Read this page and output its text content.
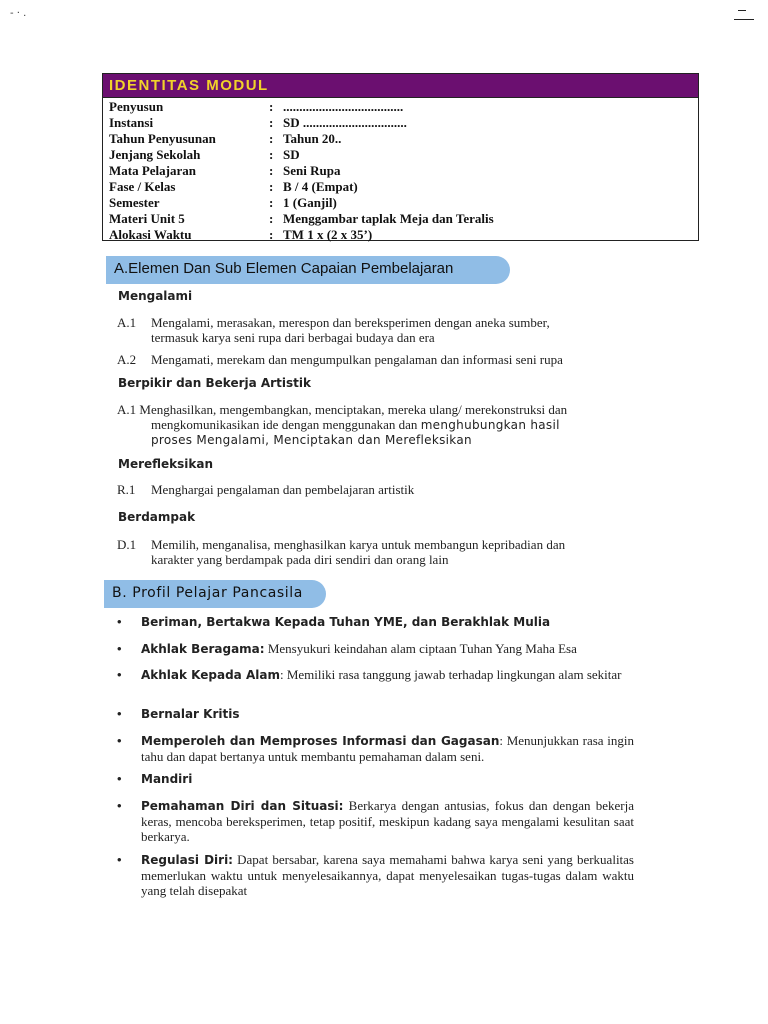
- · .
IDENTITAS MODUL
Penyusun	: .....................................
Instansi	: SD ................................
Tahun Penyusunan	: Tahun 20..
Jenjang Sekolah	: SD
Mata Pelajaran	: Seni Rupa
Fase / Kelas	: B / 4 (Empat)
Semester	: 1 (Ganjil)
Materi Unit 5	: Menggambar taplak Meja dan Teralis
Alokasi Waktu	: TM 1 x (2 x 35’)
A.Elemen Dan Sub Elemen Capaian Pembelajaran
Mengalami
A.1 Mengalami, merasakan, merespon dan bereksperimen dengan aneka sumber,
termasuk karya seni rupa dari berbagai budaya dan era
A.2 Mengamati, merekam dan mengumpulkan pengalaman dan informasi seni rupa
Berpikir dan Bekerja Artistik
A.1 Menghasilkan, mengembangkan, menciptakan, mereka ulang/ merekonstruksi dan
mengkomunikasikan ide dengan menggunakan dan menghubungkan hasil
proses Mengalami, Menciptakan dan Merefleksikan
Merefleksikan
R.1 Menghargai pengalaman dan pembelajaran artistik
Berdampak
D.1 Memilih, menganalisa, menghasilkan karya untuk membangun kepribadian dan
karakter yang berdampak pada diri sendiri dan orang lain
B. Profil Pelajar Pancasila
• Beriman, Bertakwa Kepada Tuhan YME, dan Berakhlak Mulia
• Akhlak Beragama: Mensyukuri keindahan alam ciptaan Tuhan Yang Maha Esa
• Akhlak Kepada Alam: Memiliki rasa tanggung jawab terhadap lingkungan alam sekitar
• Bernalar Kritis
• Memperoleh dan Memproses Informasi dan Gagasan: Menunjukkan rasa ingin tahu dan dapat bertanya untuk membantu pemahaman dalam seni.
• Mandiri
• Pemahaman Diri dan Situasi: Berkarya dengan antusias, fokus dan dengan bekerja keras, mencoba bereksperimen, tetap positif, meskipun kadang saya mengalami kesulitan saat berkarya.
• Regulasi Diri: Dapat bersabar, karena saya memahami bahwa karya seni yang berkualitas memerlukan waktu untuk menyelesaikannya, dapat menyelesaikan tugas-tugas dalam waktu yang telah disepakat
